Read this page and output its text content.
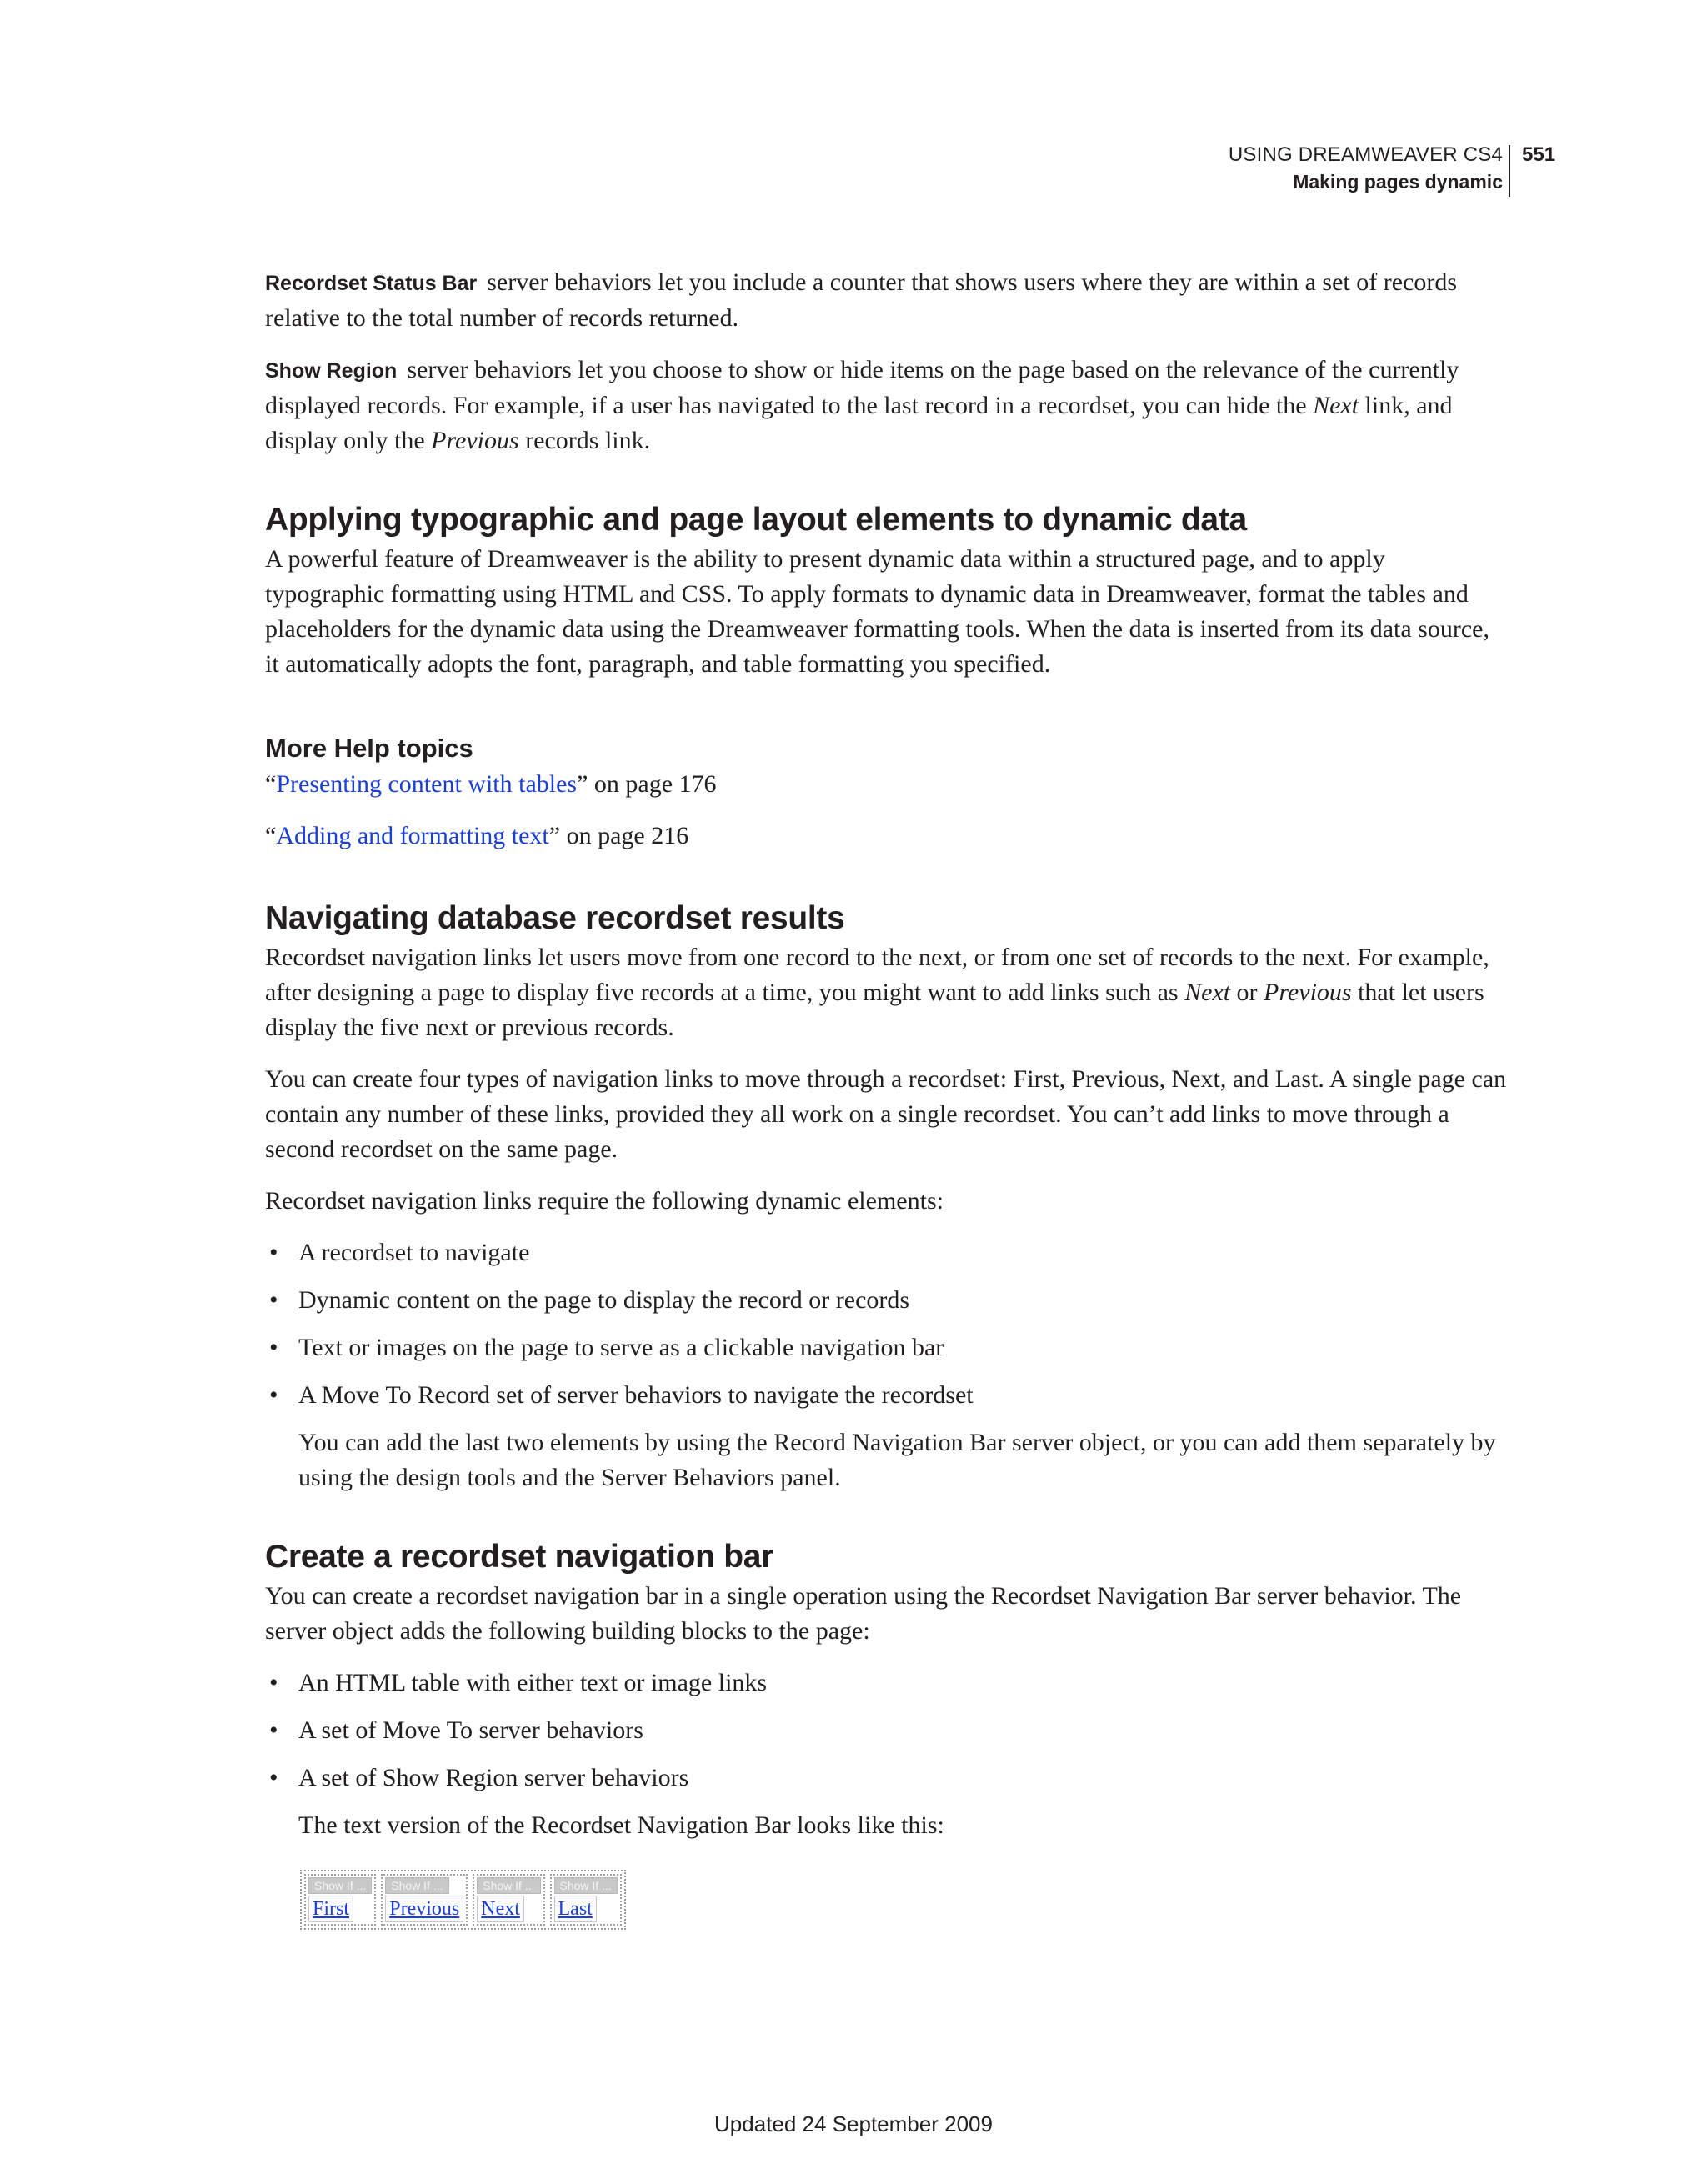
USING DREAMWEAVER CS4
Making pages dynamic
551

Recordset Status Bar server behaviors let you include a counter that shows users where they are within a set of records relative to the total number of records returned.

Show Region server behaviors let you choose to show or hide items on the page based on the relevance of the currently displayed records. For example, if a user has navigated to the last record in a recordset, you can hide the Next link, and display only the Previous records link.

Applying typographic and page layout elements to dynamic data

A powerful feature of Dreamweaver is the ability to present dynamic data within a structured page, and to apply typographic formatting using HTML and CSS. To apply formats to dynamic data in Dreamweaver, format the tables and placeholders for the dynamic data using the Dreamweaver formatting tools. When the data is inserted from its data source, it automatically adopts the font, paragraph, and table formatting you specified.

More Help topics

“Presenting content with tables” on page 176

“Adding and formatting text” on page 216

Navigating database recordset results

Recordset navigation links let users move from one record to the next, or from one set of records to the next. For example, after designing a page to display five records at a time, you might want to add links such as Next or Previous that let users display the five next or previous records.

You can create four types of navigation links to move through a recordset: First, Previous, Next, and Last. A single page can contain any number of these links, provided they all work on a single recordset. You can’t add links to move through a second recordset on the same page.

Recordset navigation links require the following dynamic elements:

• A recordset to navigate
• Dynamic content on the page to display the record or records
• Text or images on the page to serve as a clickable navigation bar
• A Move To Record set of server behaviors to navigate the recordset

You can add the last two elements by using the Record Navigation Bar server object, or you can add them separately by using the design tools and the Server Behaviors panel.

Create a recordset navigation bar

You can create a recordset navigation bar in a single operation using the Recordset Navigation Bar server behavior. The server object adds the following building blocks to the page:

• An HTML table with either text or image links
• A set of Move To server behaviors
• A set of Show Region server behaviors

The text version of the Recordset Navigation Bar looks like this:

Show If ...
First
Show If ...
Previous
Show If ...
Next
Show If ...
Last
Updated 24 September 2009
